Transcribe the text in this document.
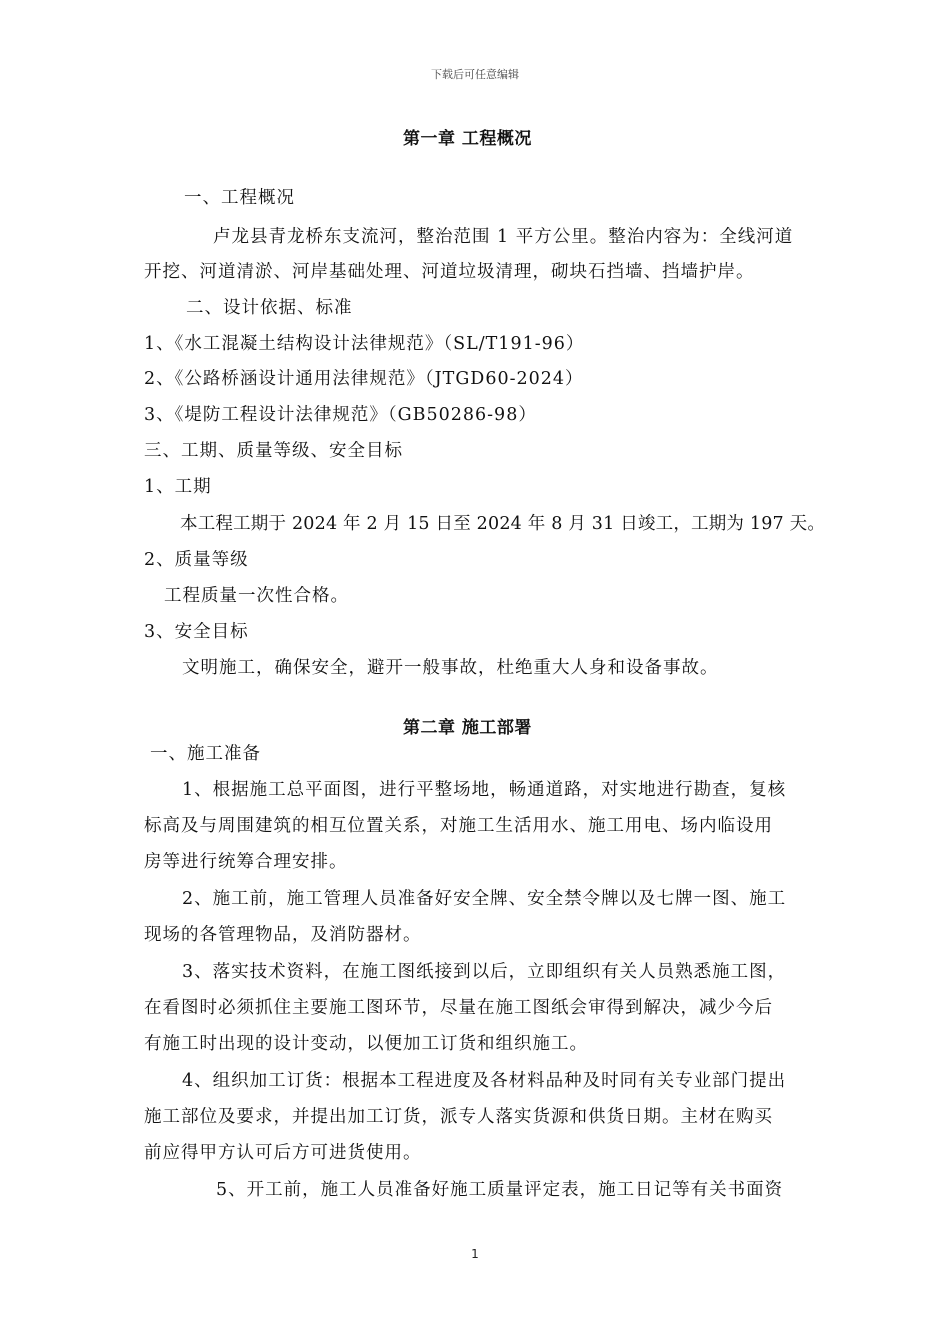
下载后可任意编辑
第一章 工程概况
一、工程概况
卢龙县青龙桥东支流河，整治范围 1 平方公里。整治内容为：全线河道
开挖、河道清淤、河岸基础处理、河道垃圾清理，砌块石挡墙、挡墙护岸。
二、设计依据、标准
1、《水工混凝土结构设计法律规范》（SL/T191-96）
2、《公路桥涵设计通用法律规范》（JTGD60-2024）
3、《堤防工程设计法律规范》（GB50286-98）
三、工期、质量等级、安全目标
1、工期
本工程工期于 2024 年 2 月 15 日至 2024 年 8 月 31 日竣工，工期为 197 天。
2、质量等级
工程质量一次性合格。
3、安全目标
文明施工，确保安全，避开一般事故，杜绝重大人身和设备事故。
第二章 施工部署
一、施工准备
1、根据施工总平面图，进行平整场地，畅通道路，对实地进行勘查，复核
标高及与周围建筑的相互位置关系，对施工生活用水、施工用电、场内临设用
房等进行统筹合理安排。
2、施工前，施工管理人员准备好安全牌、安全禁令牌以及七牌一图、施工
现场的各管理物品，及消防器材。
3、落实技术资料，在施工图纸接到以后，立即组织有关人员熟悉施工图，
在看图时必须抓住主要施工图环节，尽量在施工图纸会审得到解决，减少今后
有施工时出现的设计变动，以便加工订货和组织施工。
4、组织加工订货：根据本工程进度及各材料品种及时同有关专业部门提出
施工部位及要求，并提出加工订货，派专人落实货源和供货日期。主材在购买
前应得甲方认可后方可进货使用。
5、开工前，施工人员准备好施工质量评定表，施工日记等有关书面资
1
